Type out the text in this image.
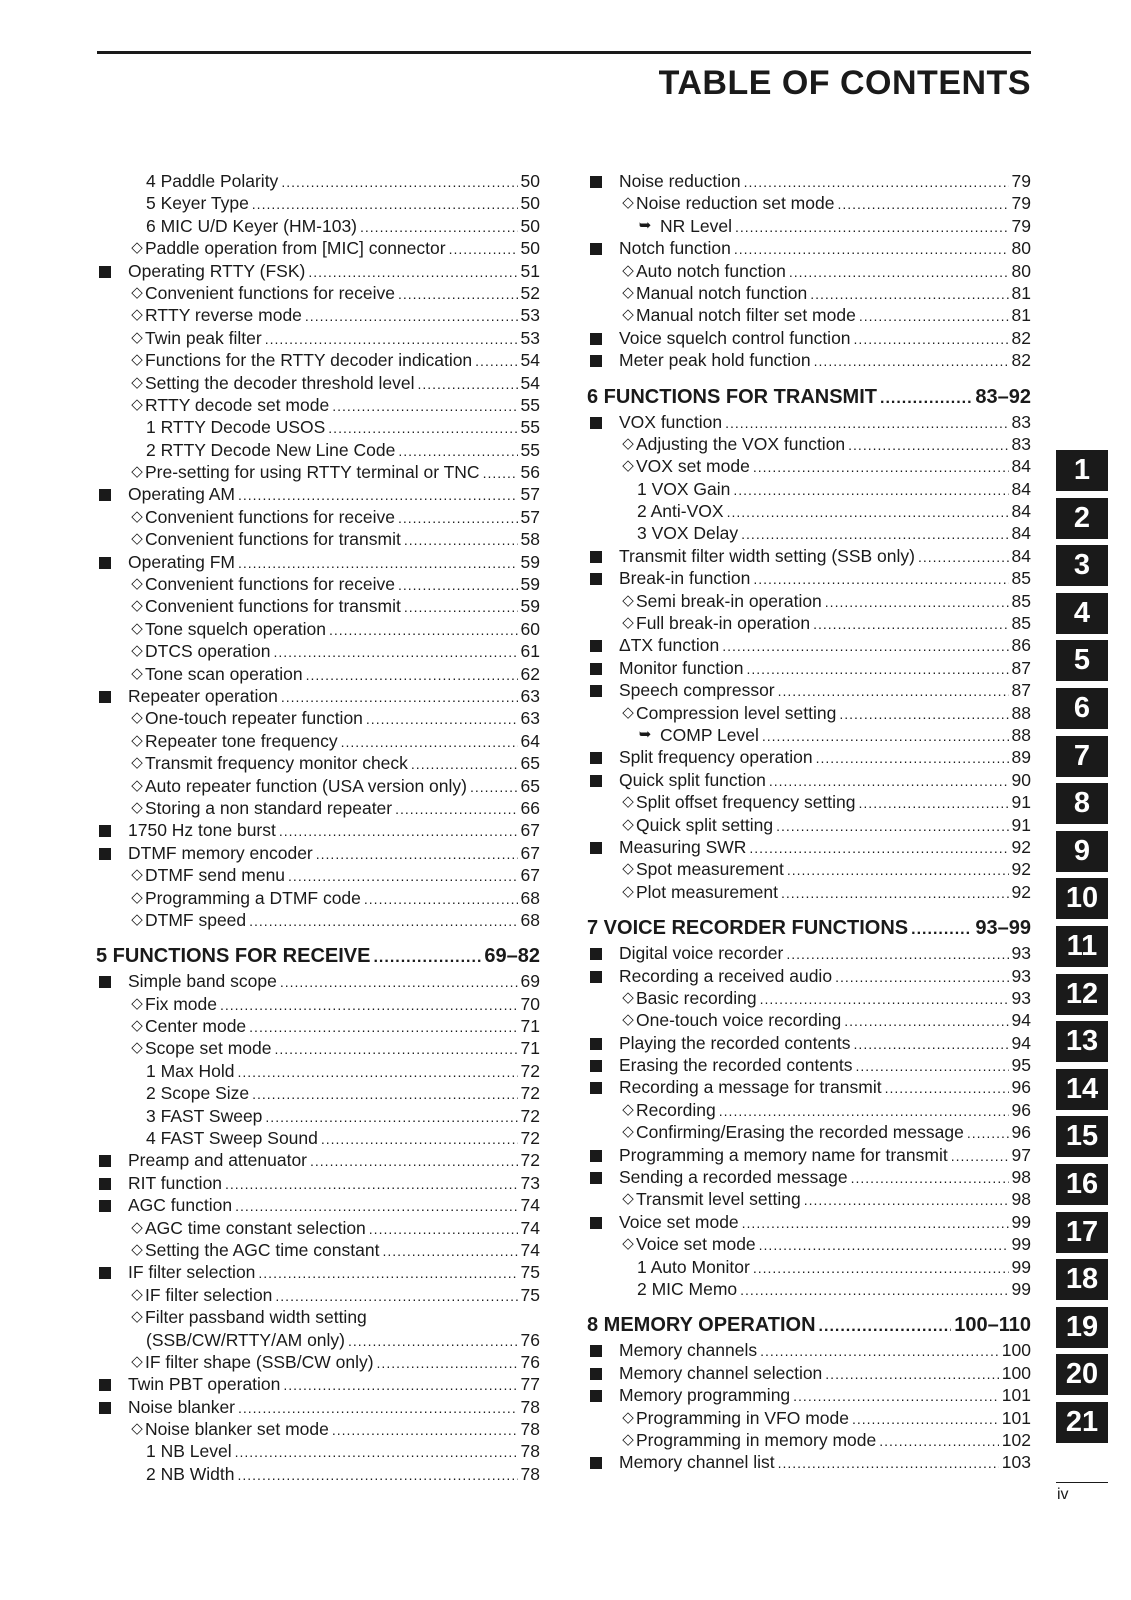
TABLE OF CONTENTS
4 Paddle Polarity .....	50
5 Keyer Type .....	50
6 MIC U/D Keyer (HM-103) .....	50
◇ Paddle operation from [MIC] connector .....	50
Operating RTTY (FSK) .....	51
◇ Convenient functions for receive .....	52
◇ RTTY reverse mode .....	53
◇ Twin peak filter .....	53
◇ Functions for the RTTY decoder indication .....	54
◇ Setting the decoder threshold level .....	54
◇ RTTY decode set mode .....	55
1 RTTY Decode USOS .....	55
2 RTTY Decode New Line Code .....	55
◇ Pre-setting for using RTTY terminal or TNC ..... 56
Operating AM .....	57
◇ Convenient functions for receive .....	57
◇ Convenient functions for transmit .....	58
Operating FM .....	59
◇ Convenient functions for receive .....	59
◇ Convenient functions for transmit .....	59
◇ Tone squelch operation .....	60
◇ DTCS operation .....	61
◇ Tone scan operation .....	62
Repeater operation .....	63
◇ One-touch repeater function .....	63
◇ Repeater tone frequency .....	64
◇ Transmit frequency monitor check .....	65
◇ Auto repeater function (USA version only) .....	65
◇ Storing a non standard repeater .....	66
1750 Hz tone burst .....	67
DTMF memory encoder .....	67
◇ DTMF send menu .....	67
◇ Programming a DTMF code .....	68
◇ DTMF speed .....	68
5 FUNCTIONS FOR RECEIVE .....	69–82
Simple band scope .....	69
◇ Fix mode .....	70
◇ Center mode .....	71
◇ Scope set mode .....	71
1 Max Hold .....	72
2 Scope Size .....	72
3 FAST Sweep .....	72
4 FAST Sweep Sound .....	72
Preamp and attenuator .....	72
RIT function .....	73
AGC function .....	74
◇ AGC time constant selection .....	74
◇ Setting the AGC time constant .....	74
IF filter selection .....	75
◇ IF filter selection .....	75
◇ Filter passband width setting
(SSB/CW/RTTY/AM only) .....	76
◇ IF filter shape (SSB/CW only) .....	76
Twin PBT operation .....	77
Noise blanker .....	78
◇ Noise blanker set mode .....	78
1 NB Level .....	78
2 NB Width .....	78
Noise reduction .....	79
◇ Noise reduction set mode .....	79
➥ NR Level .....	79
Notch function .....	80
◇ Auto notch function .....	80
◇ Manual notch function .....	81
◇ Manual notch filter set mode .....	81
Voice squelch control function .....	82
Meter peak hold function .....	82
6 FUNCTIONS FOR TRANSMIT .....	83–92
VOX function .....	83
◇ Adjusting the VOX function .....	83
◇ VOX set mode .....	84
1 VOX Gain .....	84
2 Anti-VOX .....	84
3 VOX Delay .....	84
Transmit filter width setting (SSB only) .....	84
Break-in function .....	85
◇ Semi break-in operation .....	85
◇ Full break-in operation .....	85
ΔTX function .....	86
Monitor function .....	87
Speech compressor .....	87
◇ Compression level setting .....	88
➥ COMP Level .....	88
Split frequency operation .....	89
Quick split function .....	90
◇ Split offset frequency setting .....	91
◇ Quick split setting .....	91
Measuring SWR .....	92
◇ Spot measurement .....	92
◇ Plot measurement .....	92
7 VOICE RECORDER FUNCTIONS .....	93–99
Digital voice recorder .....	93
Recording a received audio .....	93
◇ Basic recording .....	93
◇ One-touch voice recording .....	94
Playing the recorded contents .....	94
Erasing the recorded contents .....	95
Recording a message for transmit .....	96
◇ Recording .....	96
◇ Confirming/Erasing the recorded message .....	96
Programming a memory name for transmit .....	97
Sending a recorded message .....	98
◇ Transmit level setting .....	98
Voice set mode .....	99
◇ Voice set mode .....	99
1 Auto Monitor .....	99
2 MIC Memo .....	99
8 MEMORY OPERATION .....	100–110
Memory channels .....	100
Memory channel selection .....	100
Memory programming .....	101
◇ Programming in VFO mode .....	101
◇ Programming in memory mode .....	102
Memory channel list .....	103
1
2
3
4
5
6
7
8
9
10
11
12
13
14
15
16
17
18
19
20
21
iv
